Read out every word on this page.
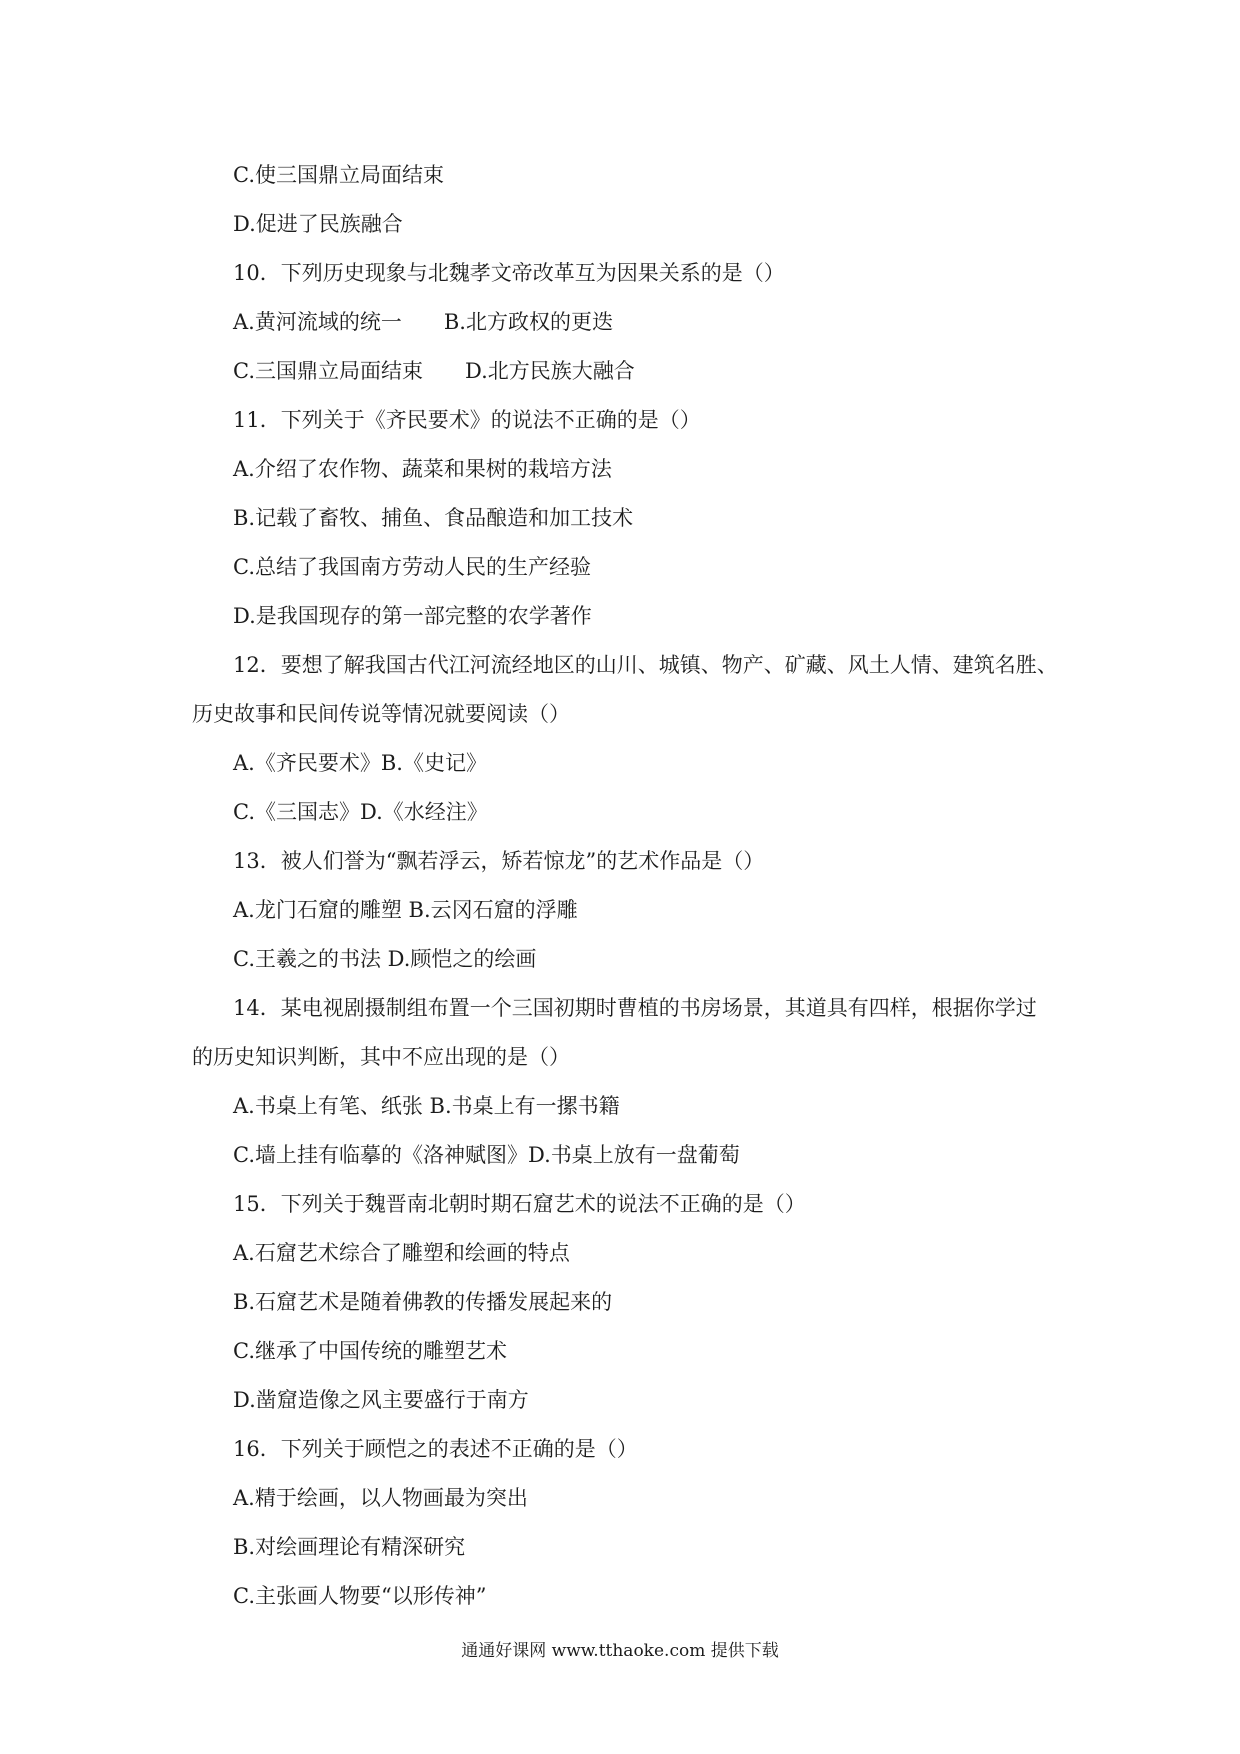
C.使三国鼎立局面结束
D.促进了民族融合
10．下列历史现象与北魏孝文帝改革互为因果关系的是（）
A.黄河流域的统一　　B.北方政权的更迭
C.三国鼎立局面结束　　D.北方民族大融合
11．下列关于《齐民要术》的说法不正确的是（）
A.介绍了农作物、蔬菜和果树的栽培方法
B.记载了畜牧、捕鱼、食品酿造和加工技术
C.总结了我国南方劳动人民的生产经验
D.是我国现存的第一部完整的农学著作
12．要想了解我国古代江河流经地区的山川、城镇、物产、矿藏、风土人情、建筑名胜、
历史故事和民间传说等情况就要阅读（）
A.《齐民要术》B.《史记》
C.《三国志》D.《水经注》
13．被人们誉为“飘若浮云，矫若惊龙”的艺术作品是（）
A.龙门石窟的雕塑 B.云冈石窟的浮雕
C.王羲之的书法 D.顾恺之的绘画
14．某电视剧摄制组布置一个三国初期时曹植的书房场景，其道具有四样，根据你学过
的历史知识判断，其中不应出现的是（）
A.书桌上有笔、纸张 B.书桌上有一摞书籍
C.墙上挂有临摹的《洛神赋图》D.书桌上放有一盘葡萄
15．下列关于魏晋南北朝时期石窟艺术的说法不正确的是（）
A.石窟艺术综合了雕塑和绘画的特点
B.石窟艺术是随着佛教的传播发展起来的
C.继承了中国传统的雕塑艺术
D.凿窟造像之风主要盛行于南方
16．下列关于顾恺之的表述不正确的是（）
A.精于绘画，以人物画最为突出
B.对绘画理论有精深研究
C.主张画人物要“以形传神”
通通好课网 www.tthaoke.com 提供下载
